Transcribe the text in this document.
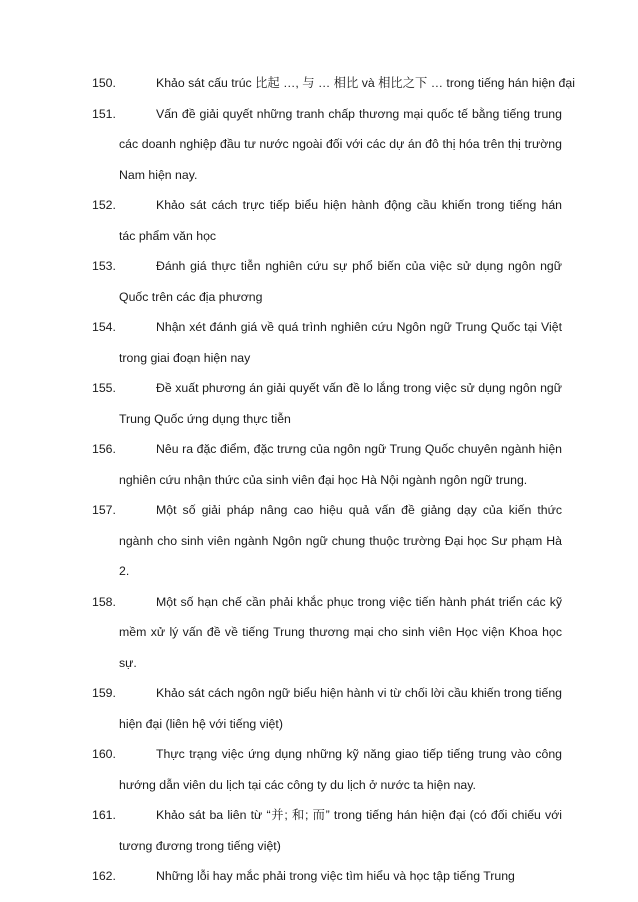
150.	Khảo sát cấu trúc 比起 …, 与 … 相比 và 相比之下 … trong tiếng hán hiện đại
151.	Vấn đề giải quyết những tranh chấp thương mại quốc tế bằng tiếng trung
các doanh nghiệp đầu tư nước ngoài đối với các dự án đô thị hóa trên thị trường
Nam hiện nay.
152.	Khảo sát cách trực tiếp biểu hiện hành động cầu khiến trong tiếng hán
tác phẩm văn học
153.	Đánh giá thực tiễn nghiên cứu sự phổ biến của việc sử dụng ngôn ngữ
Quốc trên các địa phương
154.	Nhận xét đánh giá về quá trình nghiên cứu Ngôn ngữ Trung Quốc tại Việt
trong giai đoạn hiện nay
155.	Đề xuất phương án giải quyết vấn đề lo lắng trong việc sử dụng ngôn ngữ
Trung Quốc ứng dụng thực tiễn
156.	Nêu ra đặc điểm, đặc trưng của ngôn ngữ Trung Quốc chuyên ngành hiện
nghiên cứu nhận thức của sinh viên đại học Hà Nội ngành ngôn ngữ trung.
157.	Một số giải pháp nâng cao hiệu quả vấn đề giảng dạy của kiến thức
ngành cho sinh viên ngành Ngôn ngữ chung thuộc trường Đại học Sư phạm Hà
2.
158.	Một số hạn chế cần phải khắc phục trong việc tiến hành phát triển các kỹ
mềm xử lý vấn đề về tiếng Trung thương mại cho sinh viên Học viện Khoa học
sự.
159.	Khảo sát cách ngôn ngữ biểu hiện hành vi từ chối lời cầu khiến trong tiếng
hiện đại (liên hệ với tiếng việt)
160.	Thực trạng việc ứng dụng những kỹ năng giao tiếp tiếng trung vào công
hướng dẫn viên du lịch tại các công ty du lịch ở nước ta hiện nay.
161.	Khảo sát ba liên từ “并; 和; 而” trong tiếng hán hiện đại (có đối chiếu với
tương đương trong tiếng việt)
162.	Những lỗi hay mắc phải trong việc tìm hiểu và học tập tiếng Trung
